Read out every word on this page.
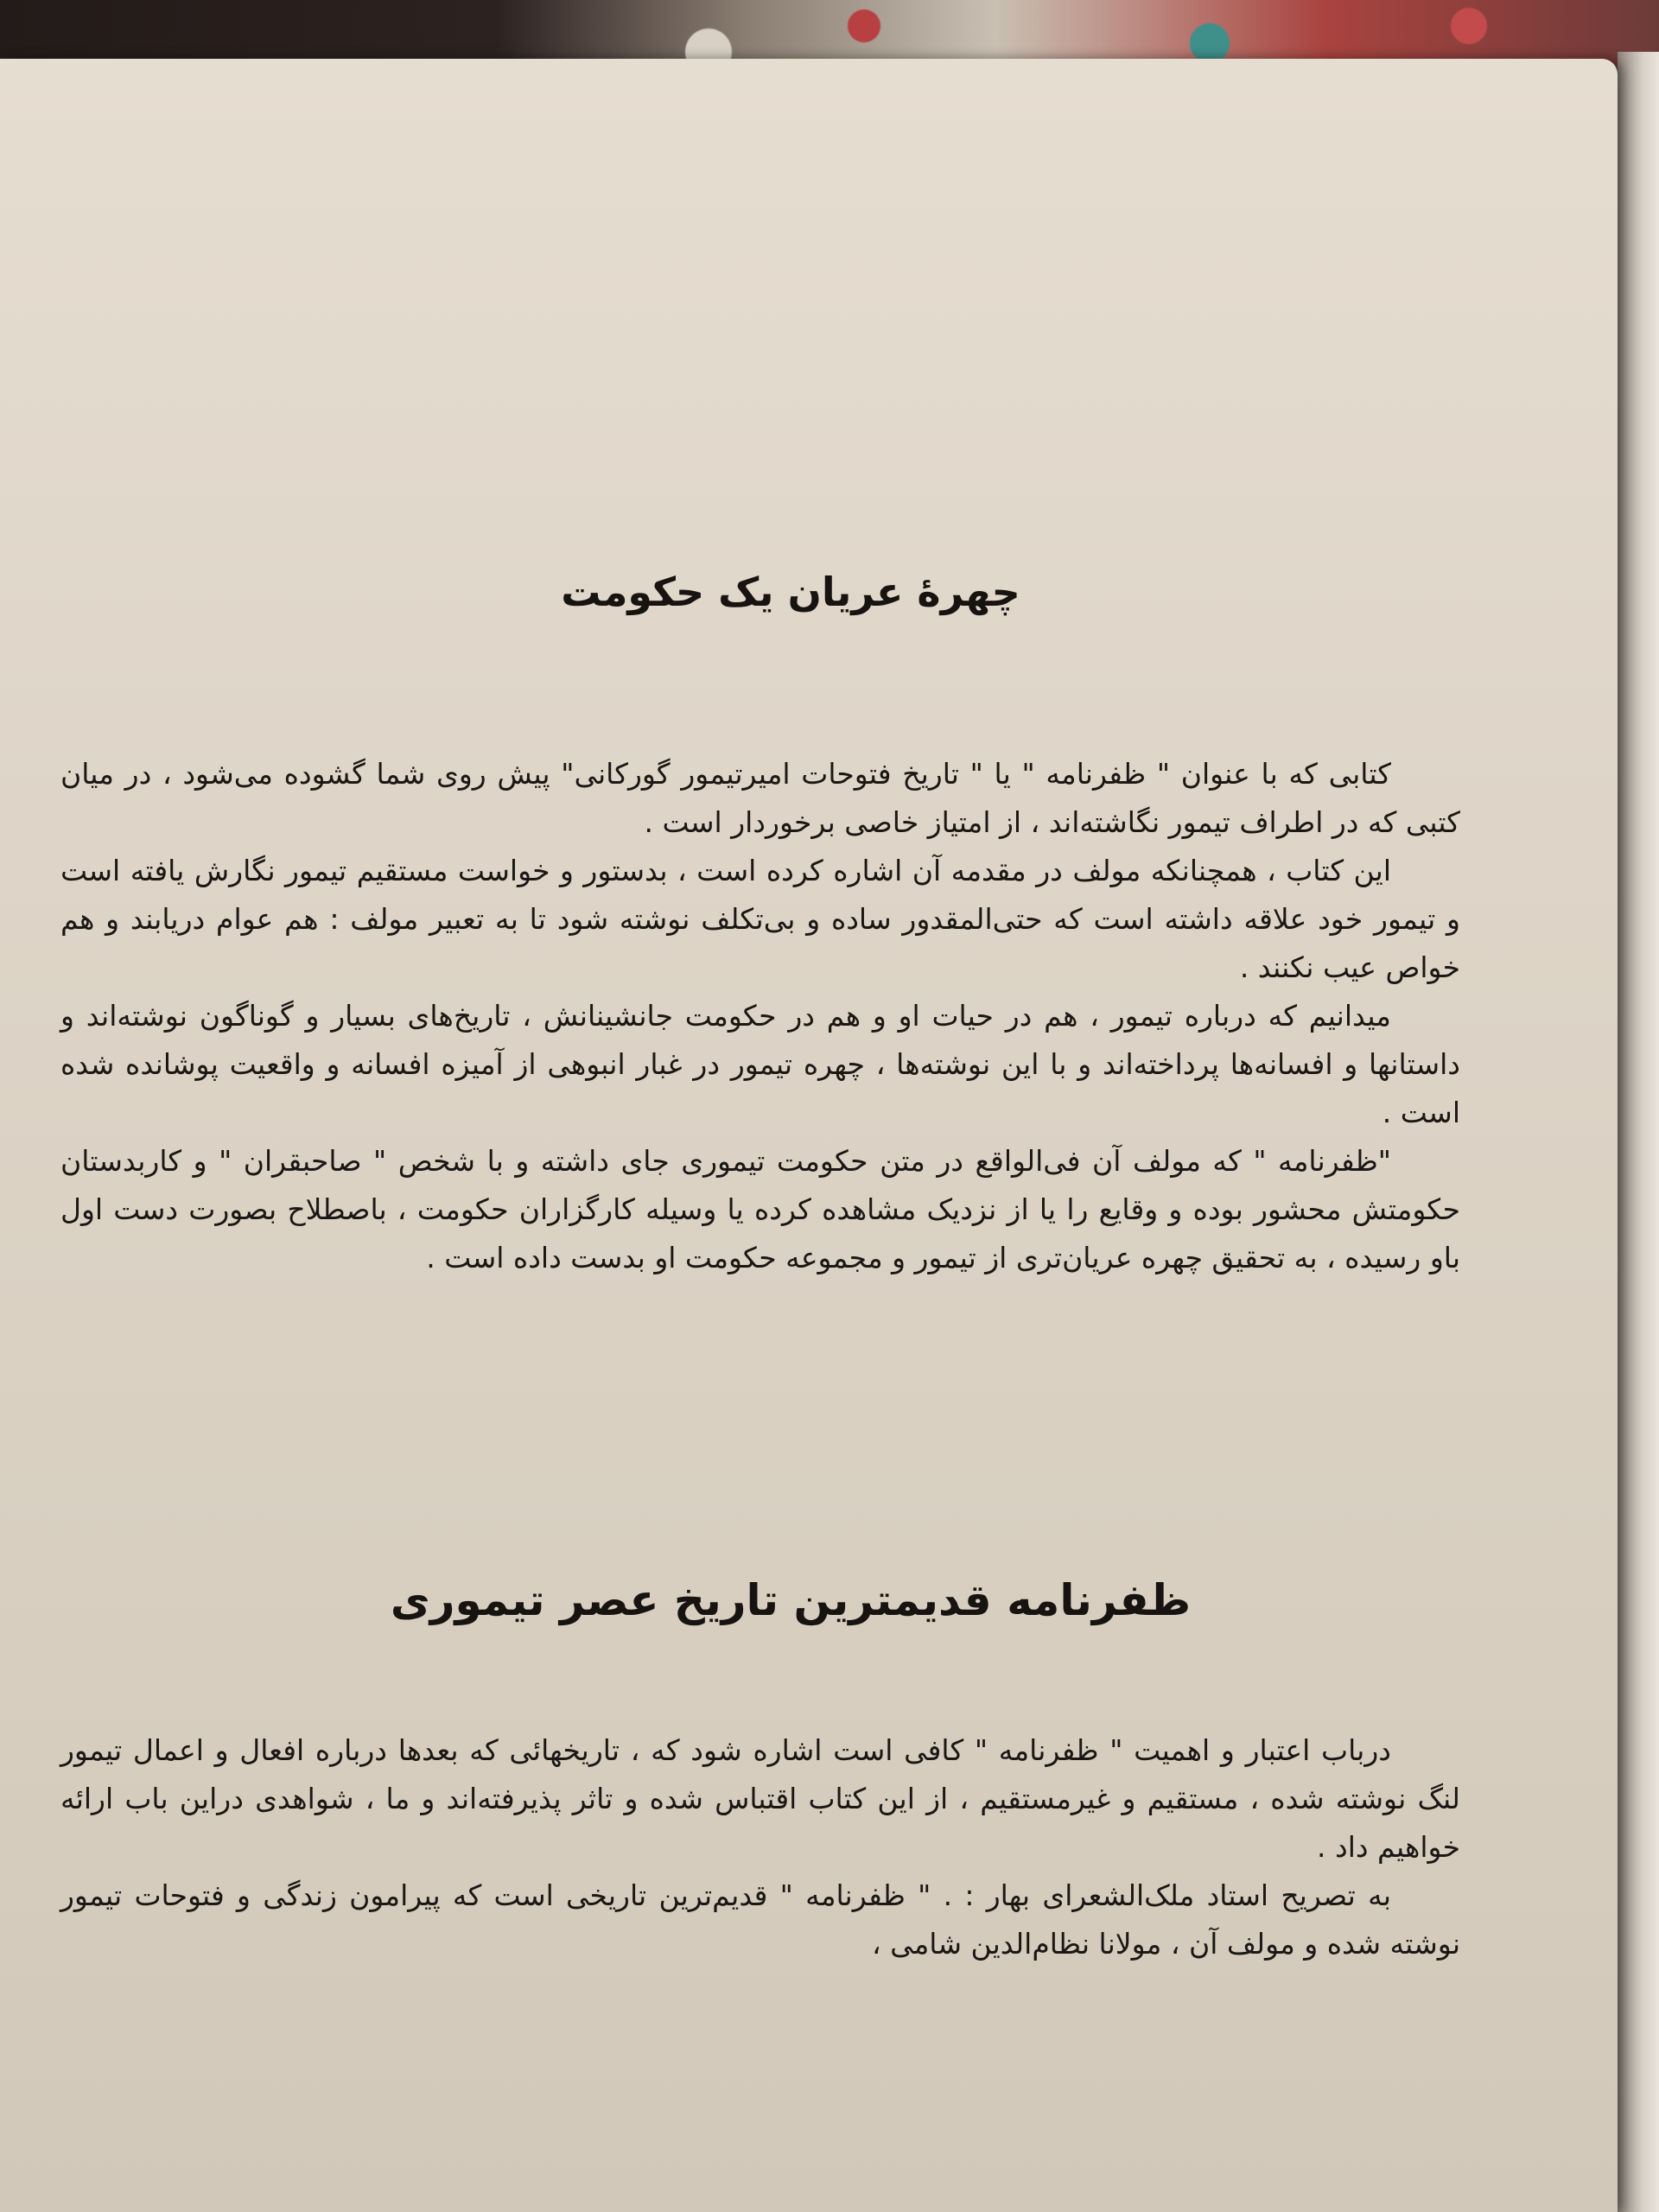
چهرهٔ عریان یک حکومت

کتابی که با عنوان " ظفرنامه " یا " تاریخ فتوحات امیرتیمور گورکانی" پیش روی شما گشوده می‌شود ، در میان کتبی که در اطراف تیمور نگاشته‌اند ، از امتیاز خاصی برخوردار است .

این کتاب ، همچنانکه مولف در مقدمه آن اشاره کرده است ، بدستور و خواست مستقیم تیمور نگارش یافته است و تیمور خود علاقه داشته است که حتی‌المقدور ساده و بی‌تکلف نوشته شود تا به تعبیر مولف : هم عوام دریابند و هم خواص عیب نکنند .

میدانیم که درباره تیمور ، هم در حیات او و هم در حکومت جانشینانش ، تاریخ‌های بسیار و گوناگون نوشته‌اند و داستانها و افسانه‌ها پرداخته‌اند و با این نوشته‌ها ، چهره تیمور در غبار انبوهی از آمیزه افسانه و واقعیت پوشانده شده است .

"ظفرنامه " که مولف آن فی‌الواقع در متن حکومت تیموری جای داشته و با شخص " صاحبقران " و کاربدستان حکومتش محشور بوده و وقایع را یا از نزدیک مشاهده کرده یا وسیله کارگزاران حکومت ، باصطلاح بصورت دست اول باو رسیده ، به تحقیق چهره عریان‌تری از تیمور و مجموعه حکومت او بدست داده است .

ظفرنامه قدیمترین تاریخ عصر تیموری

درباب اعتبار و اهمیت " ظفرنامه " کافی است اشاره شود که ، تاریخهائی که بعدها درباره افعال و اعمال تیمور لنگ نوشته شده ، مستقیم و غیرمستقیم ، از این کتاب اقتباس شده و تاثر پذیرفته‌اند و ما ، شواهدی دراین باب ارائه خواهیم داد .

به تصریح استاد ملک‌الشعرای بهار : . " ظفرنامه " قدیم‌ترین تاریخی است که پیرامون زندگی و فتوحات تیمور نوشته شده و مولف آن ، مولانا نظام‌الدین شامی ،
